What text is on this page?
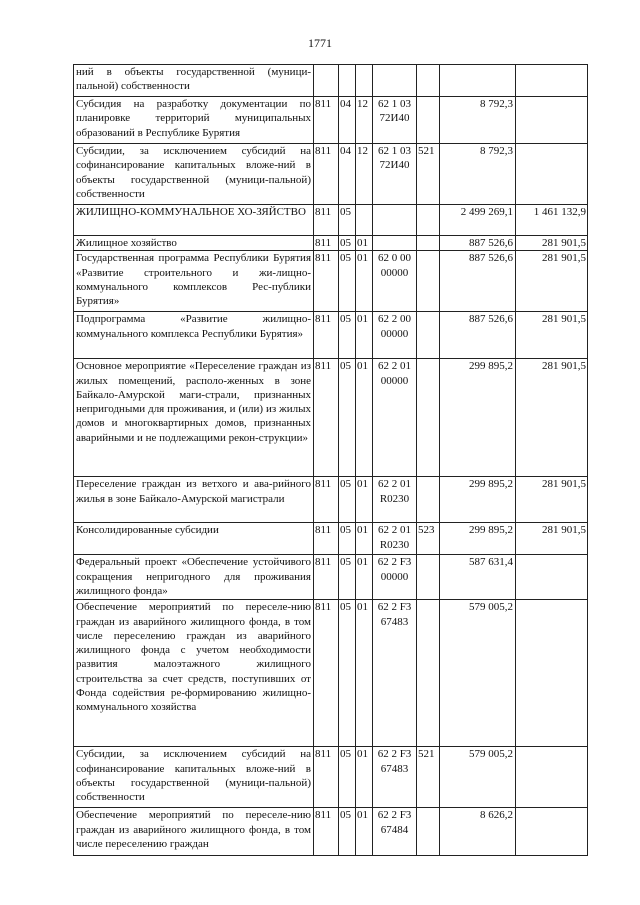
1771
ний в объекты государственной (муници-пальной) собственности							
Субсидия на разработку документации по планировке территорий муниципальных образований в Республике Бурятия	811	04	12	62 1 03 72И40		8 792,3	
Субсидии, за исключением субсидий на софинансирование капитальных вложе-ний в объекты государственной (муници-пальной) собственности	811	04	12	62 1 03 72И40	521	8 792,3	
ЖИЛИЩНО-КОММУНАЛЬНОЕ ХО-ЗЯЙСТВО	811	05				2 499 269,1	1 461 132,9
Жилищное хозяйство	811	05	01			887 526,6	281 901,5
Государственная программа Республики Бурятия «Развитие строительного и жи-лищно-коммунального комплексов Рес-публики Бурятия»	811	05	01	62 0 00 00000		887 526,6	281 901,5
Подпрограмма «Развитие жилищно-коммунального комплекса Республики Бурятия»	811	05	01	62 2 00 00000		887 526,6	281 901,5
Основное мероприятие «Переселение граждан из жилых помещений, располо-женных в зоне Байкало-Амурской маги-страли, признанных непригодными для проживания, и (или) из жилых домов и многоквартирных домов, признанных аварийными и не подлежащими рекон-струкции»	811	05	01	62 2 01 00000		299 895,2	281 901,5
Переселение граждан из ветхого и ава-рийного жилья в зоне Байкало-Амурской магистрали	811	05	01	62 2 01 R0230		299 895,2	281 901,5
Консолидированные субсидии	811	05	01	62 2 01 R0230	523	299 895,2	281 901,5
Федеральный проект «Обеспечение устойчивого сокращения непригодного для проживания жилищного фонда»	811	05	01	62 2 F3 00000		587 631,4	
Обеспечение мероприятий по переселе-нию граждан из аварийного жилищного фонда, в том числе переселению граждан из аварийного жилищного фонда с учетом необходимости развития малоэтажного жилищного строительства за счет средств, поступивших от Фонда содействия ре-формированию жилищно-коммунального хозяйства	811	05	01	62 2 F3 67483		579 005,2	
Субсидии, за исключением субсидий на софинансирование капитальных вложе-ний в объекты государственной (муници-пальной) собственности	811	05	01	62 2 F3 67483	521	579 005,2	
Обеспечение мероприятий по переселе-нию граждан из аварийного жилищного фонда, в том числе переселению граждан	811	05	01	62 2 F3 67484		8 626,2	
